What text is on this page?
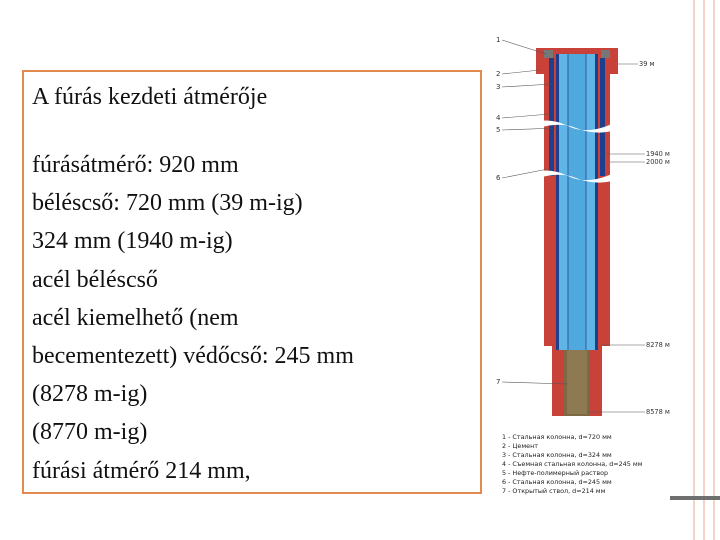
A fúrás kezdeti átmérője
fúrásátmérő: 920 mm
béléscső: 720 mm (39 m-ig)
324 mm (1940 m-ig)
acél béléscső
acél kiemelhető (nem
becementezett) védőcső: 245 mm
(8278 m-ig)
(8770 m-ig)
fúrási átmérő 214 mm,
1
2
3
4
5
6
7
39 м
1940 м
2000 м
8278 м
8578 м
1 - Стальная колонна, d=720 мм
2 - Цемент
3 - Стальная колонна, d=324 мм
4 - Съемная стальная колонна, d=245 мм
5 - Нефте-полимерный раствор
6 - Стальная колонна, d=245 мм
7 - Открытый ствол, d=214 мм
